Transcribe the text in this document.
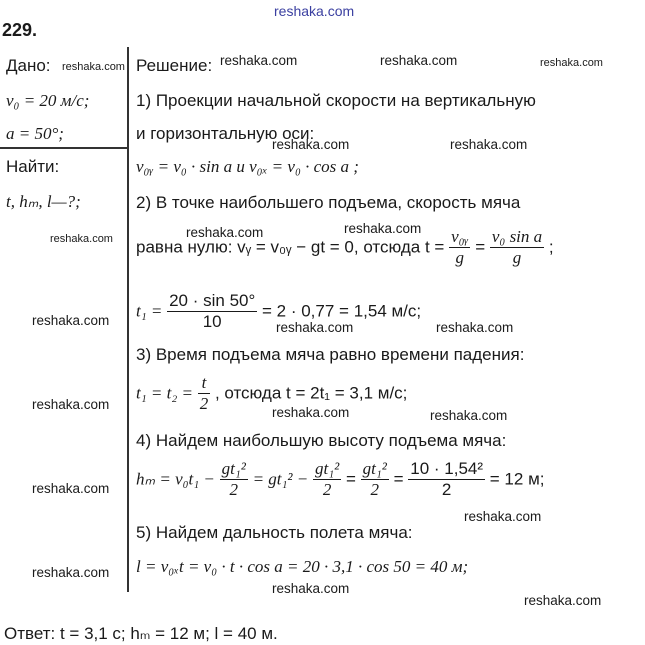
229.
reshaka.com
Дано: reshaka.com
v₀ = 20 м/с;
a = 50°;
Найти:
t, hₘ, l—?;
reshaka.com
Решение: reshaka.com	reshaka.com	reshaka.com
1) Проекции начальной скорости на вертикальную
и горизонтальную оси:
reshaka.com	reshaka.com
v₀ᵧ = v₀ · sin a и v₀ₓ = v₀ · cos a ;
2) В точке наибольшего подъема, скорость мяча
reshaka.com	reshaka.com
равна нулю: vᵧ = v₀ᵧ − gt = 0, отсюда $t = \frac{\text{v₀ᵧ}}{g} = \frac{\text{v₀ sin a}}{g}$ ;
reshaka.com $t_1 = \frac{20 \cdot \sin 50^\circ}{10} = 2 \cdot 0,77 = 1,54$ м/с;
reshaka.com	reshaka.com
3) Время подъема мяча равно времени падения:
reshaka.com
$t_1 = t_2 = \frac{t}{2}$ , отсюда t = 2t₁ = 3,1 м/с;
reshaka.com	reshaka.com
4) Найдем наибольшую высоту подъема мяча:
reshaka.com $h_m = v_0t_1 - \frac{\text{gt₁²}}{2} = gt_1^2 - \frac{\text{gt₁²}}{2} = \frac{\text{gt₁²}}{2} = \frac{\text{10 · 1,54²}}{2} = 12$ м;
reshaka.com
5) Найдем дальность полета мяча:
reshaka.com l = v₀ₓt = v₀ · t · cos a = 20 · 3,1 · cos 50 = 40 м;
reshaka.com
reshaka.com
Ответ: t = 3,1 с; hₘ = 12 м; l = 40 м.
